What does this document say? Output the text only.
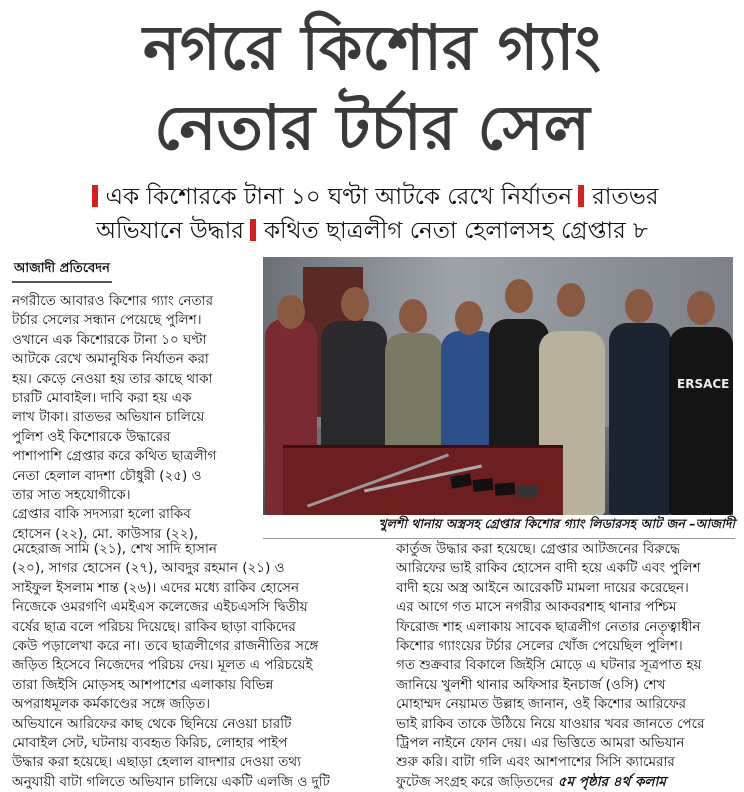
নগরে কিশোর গ্যাং
নেতার টর্চার সেল
এক কিশোরকে টানা ১০ ঘণ্টা আটকে রেখে নির্যাতন রাতভর
অভিযানে উদ্ধার কথিত ছাত্রলীগ নেতা হেলালসহ গ্রেপ্তার ৮
আজাদী প্রতিবেদন
ERSACE
খুলশী থানায় অস্ত্রসহ গ্রেপ্তার কিশোর গ্যাং লিডারসহ আট জন –আজাদী
নগরীতে আবারও কিশোর গ্যাং নেতার
টর্চার সেলের সন্ধান পেয়েছে পুলিশ।
ওখানে এক কিশোরকে টানা ১০ ঘণ্টা
আটকে রেখে অমানুষিক নির্যাতন করা
হয়। কেড়ে নেওয়া হয় তার কাছে থাকা
চারটি মোবাইল। দাবি করা হয় এক
লাখ টাকা। রাতভর অভিযান চালিয়ে
পুলিশ ওই কিশোরকে উদ্ধারের
পাশাপাশি গ্রেপ্তার করে কথিত ছাত্রলীগ
নেতা হেলাল বাদশা চৌধুরী (২৫) ও
তার সাত সহযোগীকে।
গ্রেপ্তার বাকি সদস্যরা হলো রাকিব
হোসেন (২২), মো. কাউসার (২২),
মেহেরাজ সামি (২১), শেখ সাদি হাসান
(২০), সাগর হোসেন (২৭), আবদুর রহমান (২১) ও
সাইফুল ইসলাম শান্ত (২৬)। এদের মধ্যে রাকিব হোসেন
নিজেকে ওমরগণি এমইএস কলেজের এইচএসসি দ্বিতীয়
বর্ষের ছাত্র বলে পরিচয় দিয়েছে। রাকিব ছাড়া বাকিদের
কেউ পড়ালেখা করে না। তবে ছাত্রলীগের রাজনীতির সঙ্গে
জড়িত হিসেবে নিজেদের পরিচয় দেয়। মূলত এ পরিচয়েই
তারা জিইসি মোড়সহ আশপাশের এলাকায় বিভিন্ন
অপরাধমূলক কর্মকাণ্ডের সঙ্গে জড়িত।
অভিযানে আরিফের কাছ থেকে ছিনিয়ে নেওয়া চারটি
মোবাইল সেট, ঘটনায় ব্যবহৃত কিরিচ, লোহার পাইপ
উদ্ধার করা হয়েছে। এছাড়া হেলাল বাদশার দেওয়া তথ্য
অনুযায়ী বাটা গলিতে অভিযান চালিয়ে একটি এলজি ও দুটি
কার্তুজ উদ্ধার করা হয়েছে। গ্রেপ্তার আটজনের বিরুদ্ধে
আরিফের ভাই রাকিব হোসেন বাদী হয়ে একটি এবং পুলিশ
বাদী হয়ে অস্ত্র আইনে আরেকটি মামলা দায়ের করেছেন।
এর আগে গত মাসে নগরীর আকবরশাহ থানার পশ্চিম
ফিরোজ শাহ এলাকায় সাবেক ছাত্রলীগ নেতার নেতৃত্বাধীন
কিশোর গ্যাংয়ের টর্চার সেলের খোঁজ পেয়েছিল পুলিশ।
গত শুক্রবার বিকালে জিইসি মোড়ে এ ঘটনার সূত্রপাত হয়
জানিয়ে খুলশী থানার অফিসার ইনচার্জ (ওসি) শেখ
মোহাম্মদ নেয়ামত উল্লাহ জানান, ওই কিশোর আরিফের
ভাই রাকিব তাকে উঠিয়ে নিয়ে যাওয়ার খবর জানতে পেরে
ট্রিপল নাইনে ফোন দেয়। এর ভিত্তিতে আমরা অভিযান
শুরু করি। বাটা গলি এবং আশপাশের সিসি ক্যামেরার
ফুটেজ সংগ্রহ করে জড়িতদের ৫ম পৃষ্ঠার ৪র্থ কলাম
